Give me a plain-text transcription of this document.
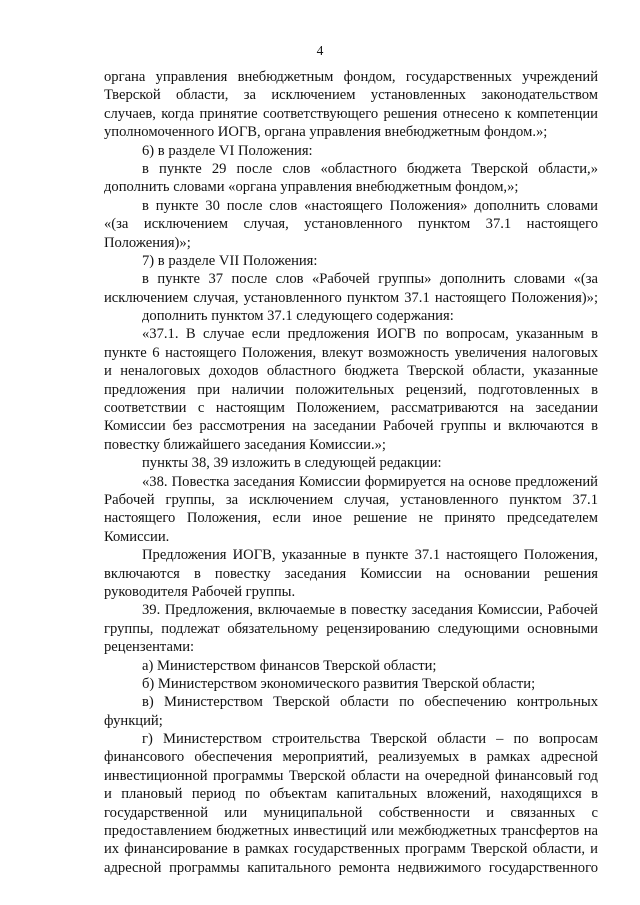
4
органа управления внебюджетным фондом, государственных учреждений
Тверской области, за исключением установленных законодательством
случаев, когда принятие соответствующего решения отнесено к компетенции
уполномоченного ИОГВ, органа управления внебюджетным фондом.»;
6) в разделе VI Положения:
в пункте 29 после слов «областного бюджета Тверской области,»
дополнить словами «органа управления внебюджетным фондом,»;
в пункте 30 после слов «настоящего Положения» дополнить словами
«(за исключением случая, установленного пунктом 37.1 настоящего
Положения)»;
7) в разделе VII Положения:
в пункте 37 после слов «Рабочей группы» дополнить словами «(за
исключением случая, установленного пунктом 37.1 настоящего Положения)»;
дополнить пунктом 37.1 следующего содержания:
«37.1. В случае если предложения ИОГВ по вопросам, указанным в
пункте 6 настоящего Положения, влекут возможность увеличения налоговых
и неналоговых доходов областного бюджета Тверской области, указанные
предложения при наличии положительных рецензий, подготовленных в
соответствии с настоящим Положением, рассматриваются на заседании
Комиссии без рассмотрения на заседании Рабочей группы и включаются в
повестку ближайшего заседания Комиссии.»;
пункты 38, 39 изложить в следующей редакции:
«38. Повестка заседания Комиссии формируется на основе предложений
Рабочей группы, за исключением случая, установленного пунктом 37.1
настоящего Положения, если иное решение не принято председателем
Комиссии.
Предложения ИОГВ, указанные в пункте 37.1 настоящего Положения,
включаются в повестку заседания Комиссии на основании решения
руководителя Рабочей группы.
39. Предложения, включаемые в повестку заседания Комиссии, Рабочей
группы, подлежат обязательному рецензированию следующими основными
рецензентами:
а) Министерством финансов Тверской области;
б) Министерством экономического развития Тверской области;
в) Министерством Тверской области по обеспечению контрольных
функций;
г) Министерством строительства Тверской области – по вопросам
финансового обеспечения мероприятий, реализуемых в рамках адресной
инвестиционной программы Тверской области на очередной финансовый год
и плановый период по объектам капитальных вложений, находящихся в
государственной или муниципальной собственности и связанных с
предоставлением бюджетных инвестиций или межбюджетных трансфертов на
их финансирование в рамках государственных программ Тверской области, и
адресной программы капитального ремонта недвижимого государственного
